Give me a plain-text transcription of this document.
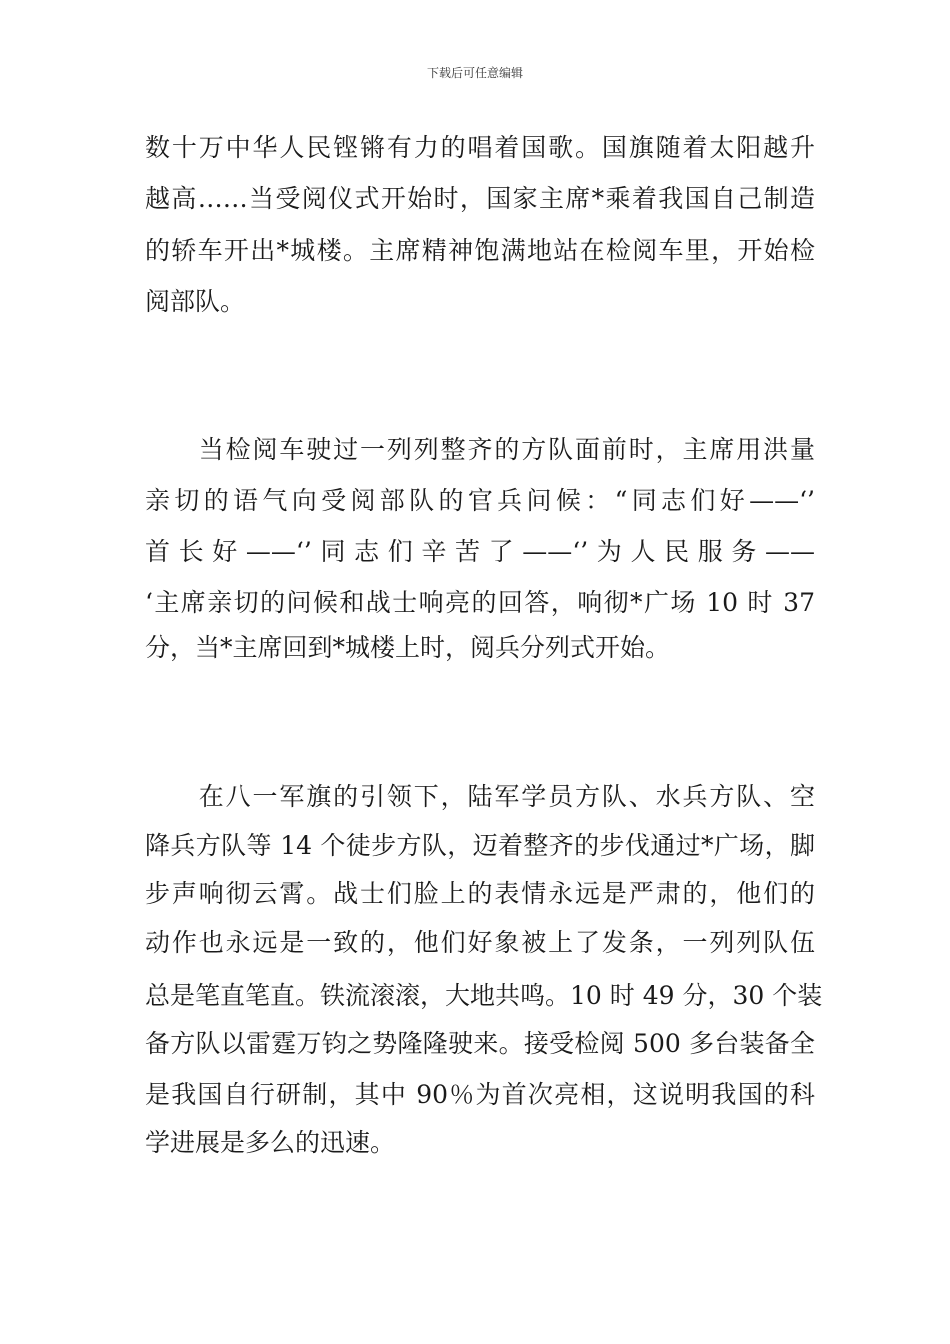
下载后可任意编辑
数十万中华人民铿锵有力的唱着国歌。国旗随着太阳越升
越高……当受阅仪式开始时，国家主席*乘着我国自己制造
的轿车开出*城楼。主席精神饱满地站在检阅车里，开始检
阅部队。
　　当检阅车驶过一列列整齐的方队面前时，主席用洪量
亲切的语气向受阅部队的官兵问候：“同志们好——‘’
首长好——‘’同志们辛苦了——‘’为人民服务——
‘主席亲切的问候和战士响亮的回答，响彻*广场 10 时 37
分，当*主席回到*城楼上时，阅兵分列式开始。
　　在八一军旗的引领下，陆军学员方队、水兵方队、空
降兵方队等 14 个徒步方队，迈着整齐的步伐通过*广场，脚
步声响彻云霄。战士们脸上的表情永远是严肃的，他们的
动作也永远是一致的，他们好象被上了发条，一列列队伍
总是笔直笔直。铁流滚滚，大地共鸣。10 时 49 分，30 个装
备方队以雷霆万钧之势隆隆驶来。接受检阅 500 多台装备全
是我国自行研制，其中 90％为首次亮相，这说明我国的科
学进展是多么的迅速。
